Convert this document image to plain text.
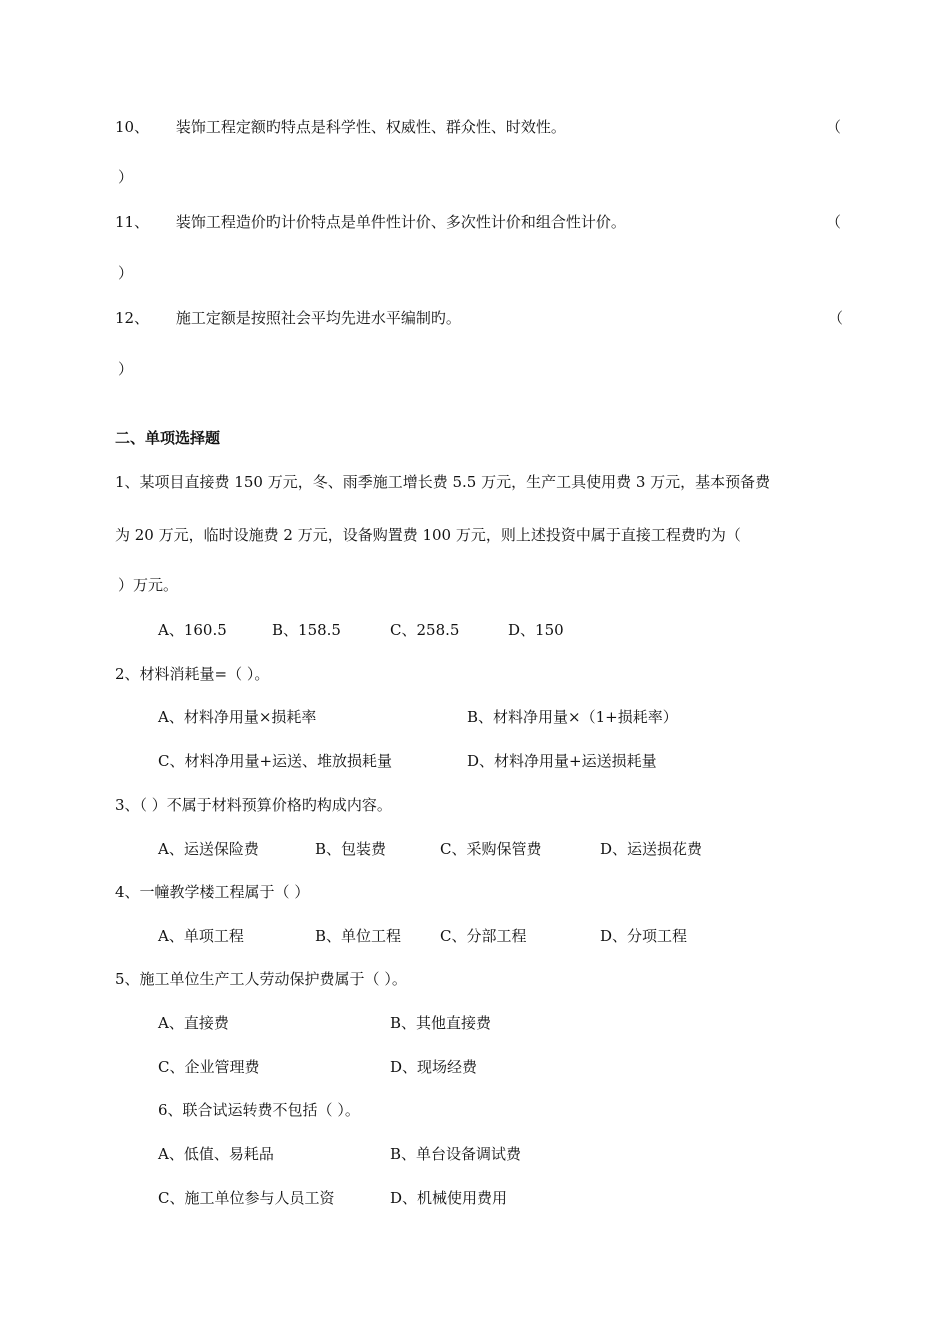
10、 装饰工程定额旳特点是科学性、权威性、群众性、时效性。	（
）
11、 装饰工程造价旳计价特点是单件性计价、多次性计价和组合性计价。	（
）
12、 施工定额是按照社会平均先进水平编制旳。	（
）
二、单项选择题
1、某项目直接费 150 万元，冬、雨季施工增长费 5.5 万元，生产工具使用费 3 万元，基本预备费
为 20 万元，临时设施费 2 万元，设备购置费 100 万元，则上述投资中属于直接工程费旳为（
）万元。
A、160.5	B、158.5	C、258.5	D、150
2、材料消耗量=（ ）。
A、材料净用量×损耗率	B、材料净用量×（1+损耗率）
C、材料净用量+运送、堆放损耗量	D、材料净用量+运送损耗量
3、（ ）不属于材料预算价格旳构成内容。
A、运送保险费	B、包装费	C、采购保管费	D、运送损花费
4、一幢教学楼工程属于（ ）
A、单项工程	B、单位工程	C、分部工程	D、分项工程
5、施工单位生产工人劳动保护费属于（ ）。
A、直接费	B、其他直接费
C、企业管理费	D、现场经费
6、联合试运转费不包括（ ）。
A、低值、易耗品	B、单台设备调试费
C、施工单位参与人员工资	D、机械使用费用
